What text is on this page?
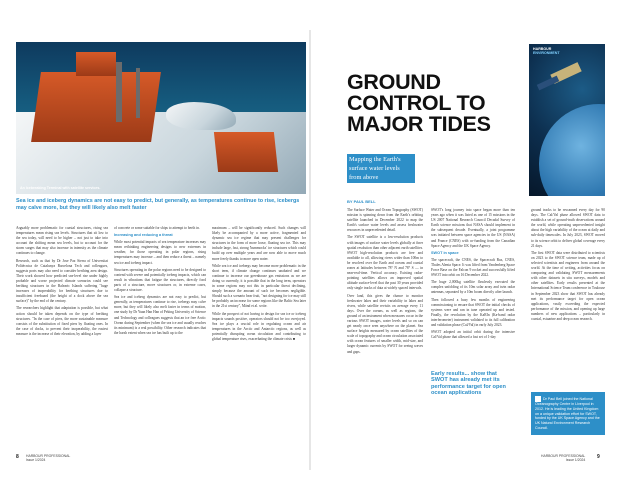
An Icebreaking Terminal with satellite services.
Sea ice and iceberg dynamics are not easy to predict, but generally, as temperatures continue to rise, icebergs may calve more, but they will likely also melt faster

Arguably more problematic for coastal structures, rising sea temperatures mean rising sea levels. Structures that sit low to the sea today, will need to be higher – not just to take into account the shifting mean sea levels, but to account for the storm surges that may also increase in intensity as the climate continues to change.

Research, such as that by Dr Jose Paz Sierra of Universitat Politècnica de Catalunya Barcelona Tech and colleagues, suggests ports may also need to consider berthing area design. Their work showed how predicted sea-level rise under highly probable and worse projected climate scenarios could see berthing structures in the Balearic Islands suffering "huge increases of inoperability for berthing structures due to insufficient freeboard (the height of a dock above the sea surface)" by the end of the century.

The researchers highlight that adaptation is possible, but what action should be taken depends on the type of berthing structures. "In the case of piers, the more sustainable measure consists of the substitution of fixed piers by floating ones. In the case of docks, to prevent their inoperability, the easiest measure is the increase of their elevation, by adding a layer

of concrete or some suitable for ships to attempt to berth in.

Increasing and reducing a threat

While most potential impacts of sea temperature increases may mean rethinking engineering designs to new extremes in weather, for those operating in polar regions, rising temperatures may increase – and then reduce a threat – namely sea ice and iceberg impact.

Structures operating in the polar regions need to be designed to contend with severe and potentially iceberg impacts, which can result in vibrations that fatigue the structures, directly food parts of a structure, move structures or, in extreme cases, collapse a structure.

Sea ice and iceberg dynamics are not easy to predict, but generally, as temperatures continue to rise, icebergs may calve more, but they will likely also melt faster in terms of motion, one study by Dr Yuan Han Han of Peking University of Science and Technology and colleagues suggests that an ice free Arctic Ocean during September (when the sea ice and usually reaches its minimum) is a real possibility. Other research indicates that the harsh extent when sea ice has built up to the

maximum – will be significantly reduced. Such changes will likely be accompanied by a more active, fragmented and dynamic sea ice regime that may present challenges for structures in the form of more loose, floating sea ice. This may include large, fast, strong 'bummocks' ice structures which could build up over multiple years and are now able to move much more freely thanks to more open water.

While sea ice and icebergs may become more problematic in the short term, if climate change continues unabated and we continue to increase our greenhouse gas emissions as we are doing so currently, it is possible that in the long term, operators in some regions may not this in particular threat declining, simply because the amount of such ice becomes negligible. Should such a scenario bear fruit, "not designing for ice may still be probably an increase for some regions like the Baltic Sea later in the 21st century", Mänd et al. write.

While the prospect of not having to design for sea ice or iceberg impacts sounds positive, operators should not be too overjoyed. Sea ice plays a crucial role in regulating ocean and air temperatures in the Arctic and Antarctic regions, as well as potentially disrupting ocean circulation and contributing to global temperature rises, exacerbating the climate crisis ■

8 HARBOUR PROFESSIONAL
Issue 1/2024
HARBOUR
ENVIRONMENT
GROUND CONTROL TO MAJOR TIDES
Mapping the Earth's surface water levels from above
BY PAUL BELL

The Surface Water and Ocean Topography (SWOT) mission is spinning down from the Earth's orbiting satellite launched in December 2022 to map the Earth's surface water levels and assess freshwater resources in unprecedented detail.

The SWOT satellite is a low-resolution products with images of surface water levels globally at finer spatial resolution than other adjacent earth satellites. SWOT high-resolution products are free and available to all, allowing rivers wider than 100m to be resolved over the Earth and oceans and coastal zones at latitudes between 78° N and 78° S — in near-real-time. Vertical accuracy. Existing radar-pointing satellites allows an improved spatial altitude surface-level that the past 30 years provided only single tracks of data at widely spaced intervals.

Over land, this gives the chance to monitor freshwater lakes and their variability in lakes and rivers, while satellite revisits on average every 11 days. Over the oceans, as well as regions, the ground of an instrument when measures occur in the various SWOT images, water levels and so on can get nearly once seen anywhere on the planet. Sea surface heights measured by ocean satellites of the scale of topography and ocean circulation associated with ocean features of smaller width, mid-size, and larger dynamic currents by SWOT for seeing waves and gaps.

SWOT's long journey into space began more than ten years ago when it was listed as one of 15 missions in the US 2007 National Research Council Decadal Survey of Earth science missions that NASA should implement in the subsequent decade. Eventually, a joint programme was initiated between space agencies in the US (NASA) and France (CNES) with co-funding from the Canadian Space Agency and the UK Space Agency.

SWOT in space

The spacecraft, the CNES, the Spacecraft Bus, CNES, Thales Alenia Space. It was lifted from Vandenberg Space Force Base on the Falcon 9 rocket and successfully lifted SWOT into orbit on 16 December 2022.

The huge 2,000kg satellite flawlessly executed the complex unfolding of its 10m solar array and twin radar antennas, separated by a 10m boom directly after launch.

Then followed a busy few months of engineering commissioning to ensure that SWOT the initial checks of systems were and ran in tune operated up and tested. Finally, the revolution by the KaRIn (Ka-band radar interferometer) instrument validated to its full calibration and validation phase (Cal/Val) in early July 2023.

SWOT adopted an initial orbit during the intensive Cal/Val phase that allowed a fast set of 1-day

Early results... show that SWOT has already met its performance target for open ocean applications

ground tracks to be rescanned every day for 90 days. The Cal/Val phase allowed SWOT data to establish a set of ground-truth observations around the world, while operating unprecedented insight about the high variability of the ocean at daily and sub-daily timescales. In July 2023, SWOT moved to its science orbit to deliver global coverage every 21 days.

The first SWOT data were distributed to scientists on 2023 to the SWOT science team, made up of selected scientists and engineers from around the world. At the time of writing, activities focus on comparing and validating SWOT measurements with other datasets in situ surveys, models and other satellites. Early results presented at the International Science Team conference in Toulouse in September 2023 show that SWOT has already met its performance target for open ocean applications, vastly exceeding the expected performance of the mission, and opening up large numbers of new applications – particularly in coastal, estuarine and deep ocean research.

Dr Paul Bell joined the National Oceanography Centre in Liverpool in 2012. He is leading the United Kingdom on a unique validation effort for SWOT, funded by the UK Space Agency and the UK Natural Environment Research Council.
HARBOUR PROFESSIONAL
Issue 1/2024
9
